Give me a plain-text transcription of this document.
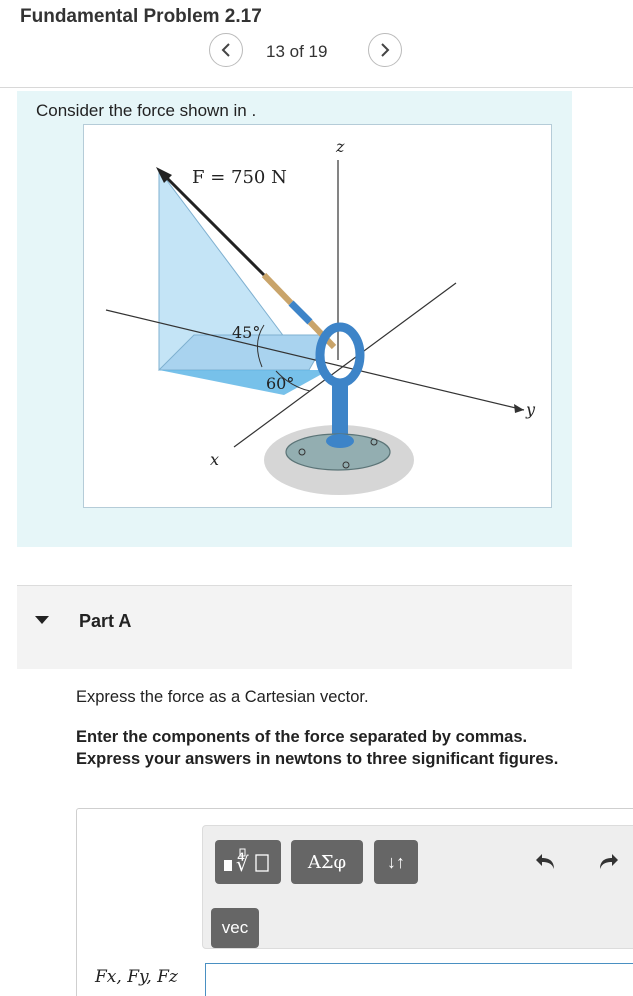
Fundamental Problem 2.17
13 of 19
Consider the force shown in .
F = 750 N
45°
60°
z
y
x
Part A
Express the force as a Cartesian vector.
Enter the components of the force separated by commas. Express your answers in newtons to three significant figures.
∜	ΑΣφ	↓↑
vec
Fx, Fy, Fz
